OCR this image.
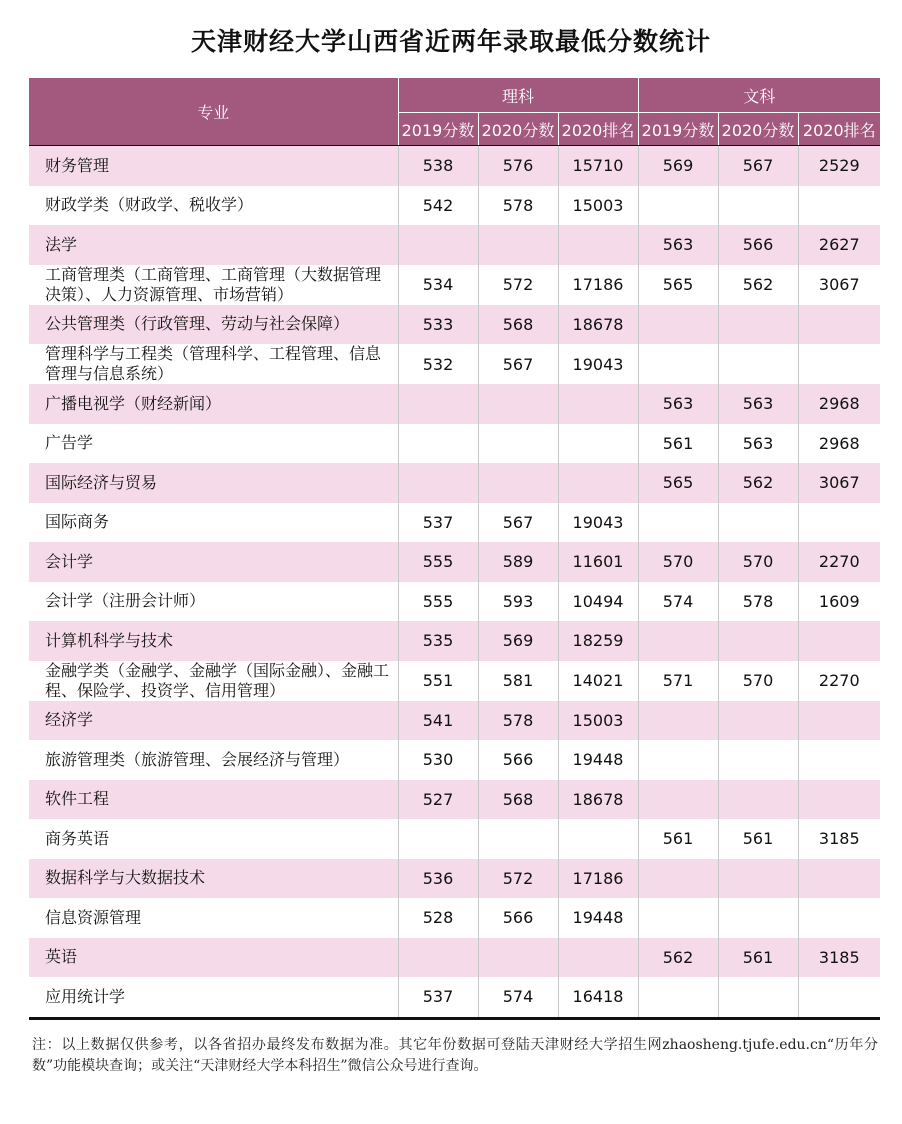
天津财经大学山西省近两年录取最低分数统计
专业	理科			文科		
	2019分数	2020分数	2020排名	2019分数	2020分数	2020排名

财务管理	538	576	15710	569	567	2529
财政学类（财政学、税收学）	542	578	15003			
法学				563	566	2627
工商管理类（工商管理、工商管理（大数据管理决策）、人力资源管理、市场营销）	534	572	17186	565	562	3067
公共管理类（行政管理、劳动与社会保障）	533	568	18678			
管理科学与工程类（管理科学、工程管理、信息管理与信息系统）	532	567	19043			
广播电视学（财经新闻）				563	563	2968
广告学				561	563	2968
国际经济与贸易				565	562	3067
国际商务	537	567	19043			
会计学	555	589	11601	570	570	2270
会计学（注册会计师）	555	593	10494	574	578	1609
计算机科学与技术	535	569	18259			
金融学类（金融学、金融学（国际金融）、金融工程、保险学、投资学、信用管理）	551	581	14021	571	570	2270
经济学	541	578	15003			
旅游管理类（旅游管理、会展经济与管理）	530	566	19448			
软件工程	527	568	18678			
商务英语				561	561	3185
数据科学与大数据技术	536	572	17186			
信息资源管理	528	566	19448			
英语				562	561	3185
应用统计学	537	574	16418			
注：以上数据仅供参考，以各省招办最终发布数据为准。其它年份数据可登陆天津财经大学招生网zhaosheng.tjufe.edu.cn“历年分数”功能模块查询；或关注“天津财经大学本科招生”微信公众号进行查询。
